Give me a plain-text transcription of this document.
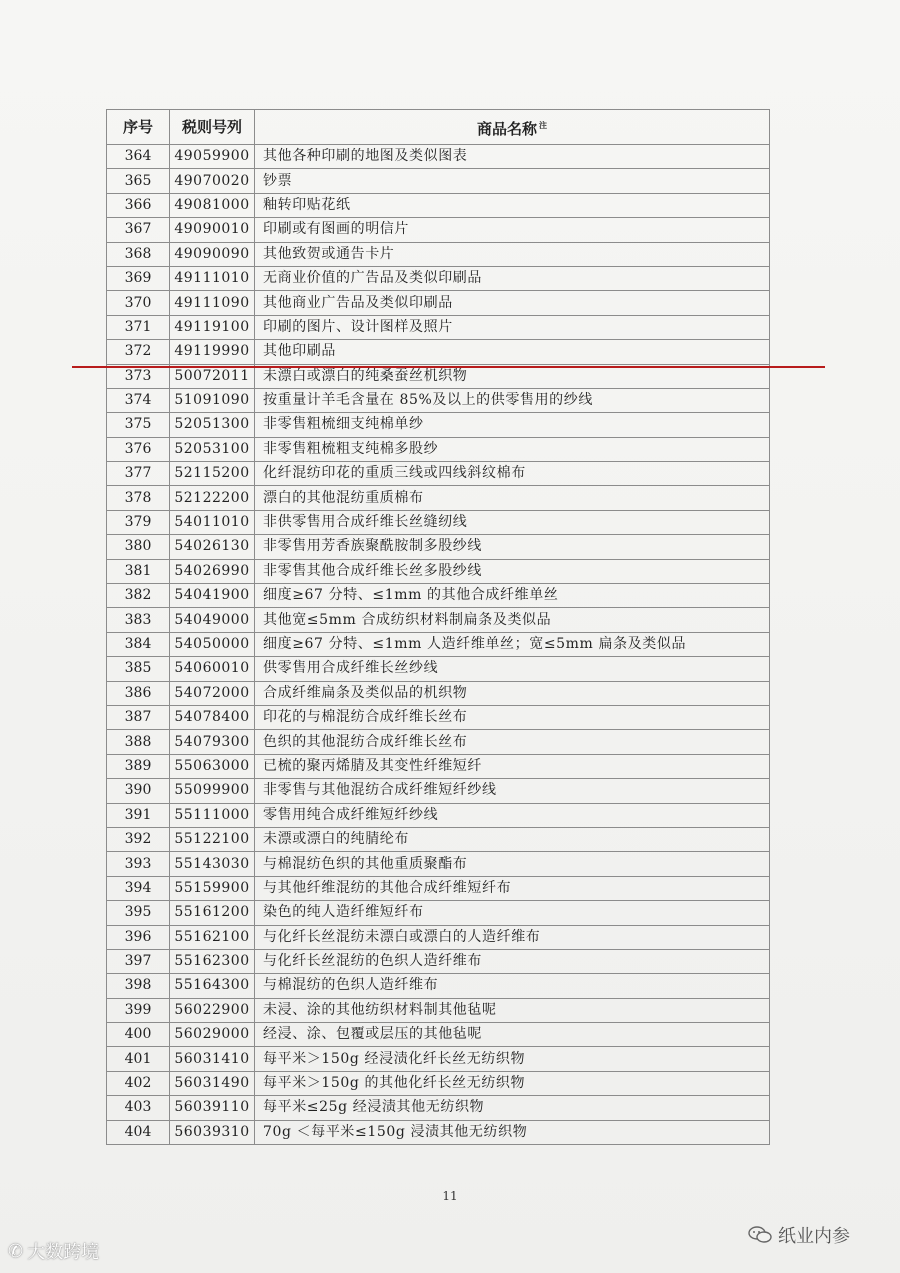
序号	税则号列	商品名称 $^注$
364	49059900	其他各种印刷的地图及类似图表
365	49070020	钞票
366	49081000	釉转印贴花纸
367	49090010	印刷或有图画的明信片
368	49090090	其他致贺或通告卡片
369	49111010	无商业价值的广告品及类似印刷品
370	49111090	其他商业广告品及类似印刷品
371	49119100	印刷的图片、设计图样及照片
372	49119990	其他印刷品
373	50072011	未漂白或漂白的纯桑蚕丝机织物
374	51091090	按重量计羊毛含量在 85%及以上的供零售用的纱线
375	52051300	非零售粗梳细支纯棉单纱
376	52053100	非零售粗梳粗支纯棉多股纱
377	52115200	化纤混纺印花的重质三线或四线斜纹棉布
378	52122200	漂白的其他混纺重质棉布
379	54011010	非供零售用合成纤维长丝缝纫线
380	54026130	非零售用芳香族聚酰胺制多股纱线
381	54026990	非零售其他合成纤维长丝多股纱线
382	54041900	细度≥67 分特、≤1mm 的其他合成纤维单丝
383	54049000	其他宽≤5mm 合成纺织材料制扁条及类似品
384	54050000	细度≥67 分特、≤1mm 人造纤维单丝；宽≤5mm 扁条及类似品
385	54060010	供零售用合成纤维长丝纱线
386	54072000	合成纤维扁条及类似品的机织物
387	54078400	印花的与棉混纺合成纤维长丝布
388	54079300	色织的其他混纺合成纤维长丝布
389	55063000	已梳的聚丙烯腈及其变性纤维短纤
390	55099900	非零售与其他混纺合成纤维短纤纱线
391	55111000	零售用纯合成纤维短纤纱线
392	55122100	未漂或漂白的纯腈纶布
393	55143030	与棉混纺色织的其他重质聚酯布
394	55159900	与其他纤维混纺的其他合成纤维短纤布
395	55161200	染色的纯人造纤维短纤布
396	55162100	与化纤长丝混纺未漂白或漂白的人造纤维布
397	55162300	与化纤长丝混纺的色织人造纤维布
398	55164300	与棉混纺的色织人造纤维布
399	56022900	未浸、涂的其他纺织材料制其他毡呢
400	56029000	经浸、涂、包覆或层压的其他毡呢
401	56031410	每平米＞150g 经浸渍化纤长丝无纺织物
402	56031490	每平米＞150g 的其他化纤长丝无纺织物
403	56039110	每平米≤25g 经浸渍其他无纺织物
404	56039310	70g ＜每平米≤150g 浸渍其他无纺织物
11
✆ 大数跨境
纸业内参
